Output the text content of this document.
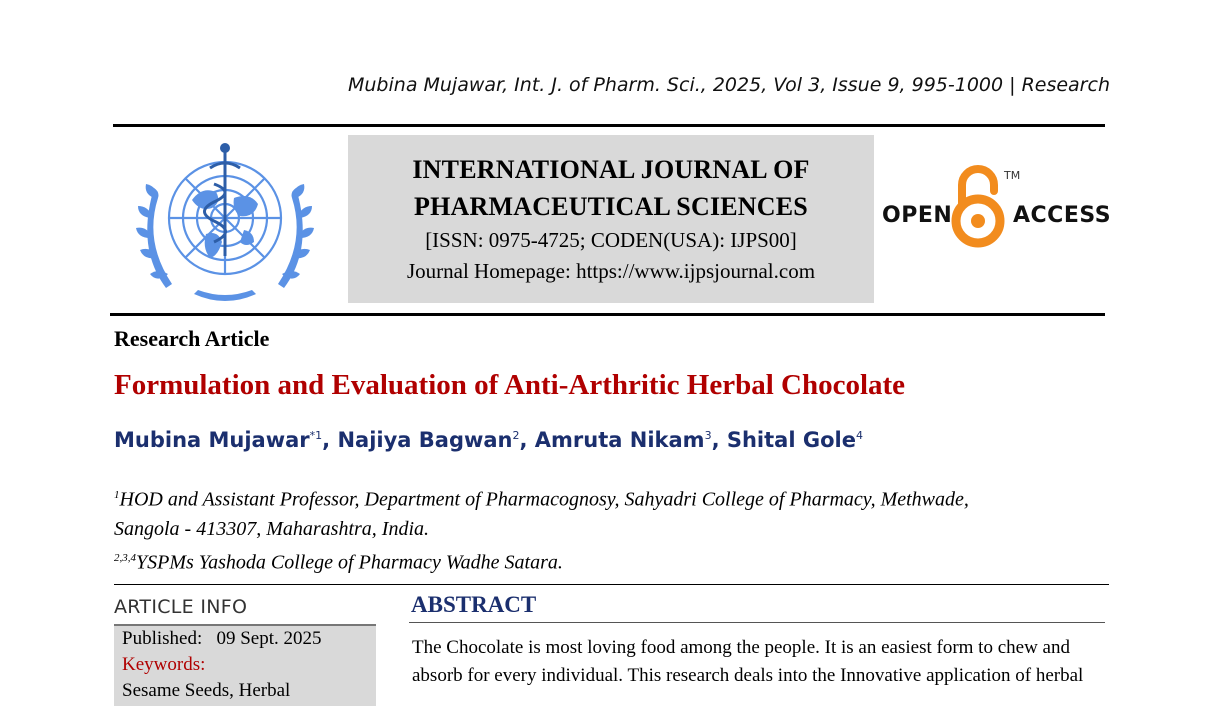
Mubina Mujawar, Int. J. of Pharm. Sci., 2025, Vol 3, Issue 9, 995-1000 | Research
INTERNATIONAL JOURNAL OF
PHARMACEUTICAL SCIENCES
[ISSN: 0975-4725; CODEN(USA): IJPS00]
Journal Homepage: https://www.ijpsjournal.com
OPEN
TM
ACCESS
Research Article
Formulation and Evaluation of Anti-Arthritic Herbal Chocolate
Mubina Mujawar$^{*1}$, Najiya Bagwan$^2$, Amruta Nikam$^3$, Shital Gole$^4$
$^1$HOD and Assistant Professor, Department of Pharmacognosy, Sahyadri College of Pharmacy, Methwade,
Sangola - 413307, Maharashtra, India.
$^{2,3,4}$YSPMs Yashoda College of Pharmacy Wadhe Satara.
ARTICLE INFO
Published: 09 Sept. 2025
Keywords:
Sesame Seeds, Herbal
ABSTRACT
The Chocolate is most loving food among the people. It is an easiest form to chew and
absorb for every individual. This research deals into the Innovative application of herbal
